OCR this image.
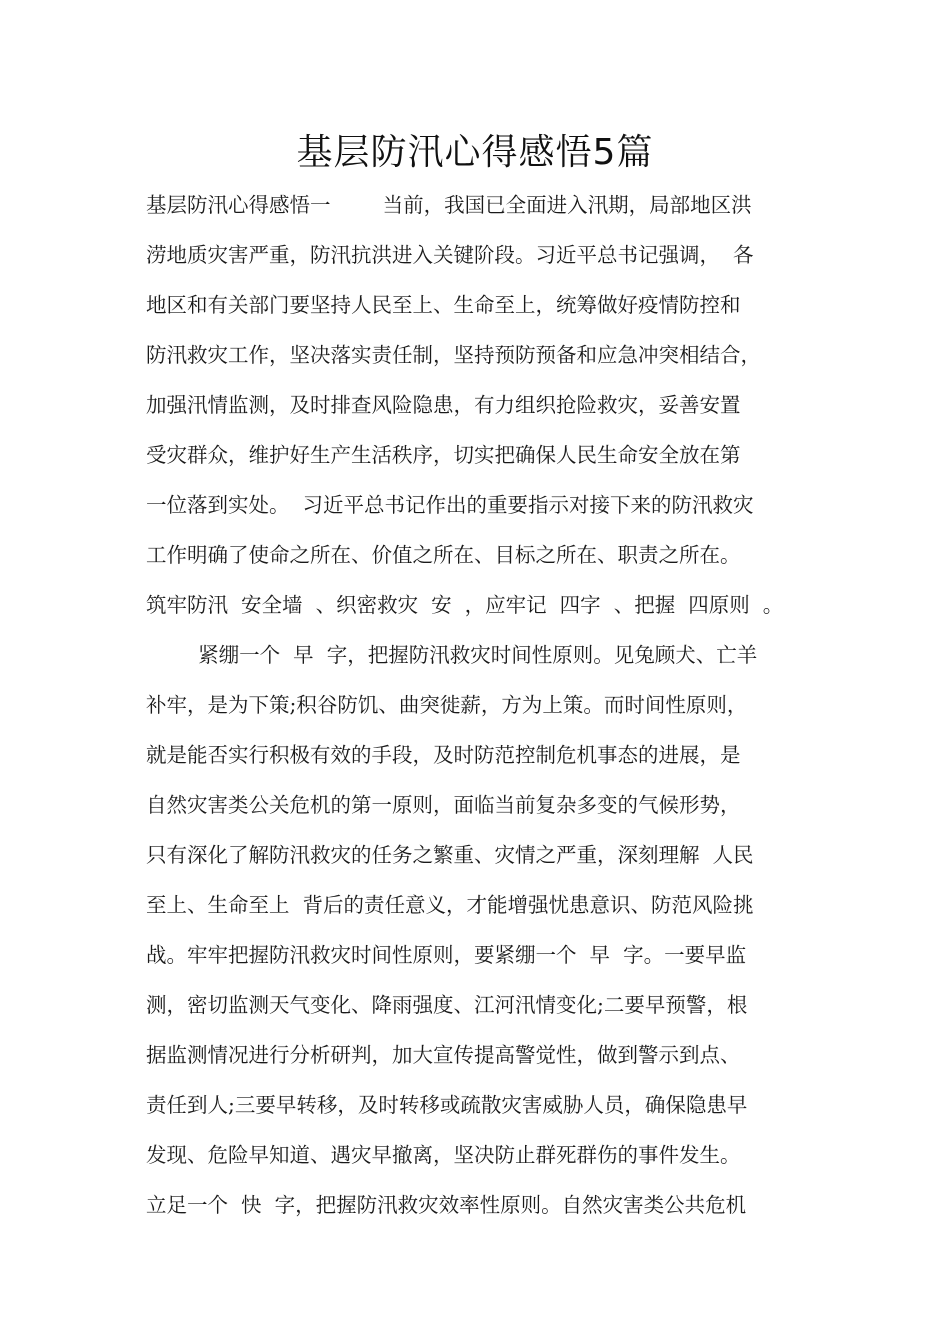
基层防汛心得感悟5篇
基层防汛心得感悟一        当前，我国已全面进入汛期，局部地区洪
涝地质灾害严重，防汛抗洪进入关键阶段。习近平总书记强调，  各
地区和有关部门要坚持人民至上、生命至上，统筹做好疫情防控和
防汛救灾工作，坚决落实责任制，坚持预防预备和应急冲突相结合，
加强汛情监测，及时排查风险隐患，有力组织抢险救灾，妥善安置
受灾群众，维护好生产生活秩序，切实把确保人民生命安全放在第
一位落到实处。  习近平总书记作出的重要指示对接下来的防汛救灾
工作明确了使命之所在、价值之所在、目标之所在、职责之所在。
筑牢防汛  安全墙  、织密救灾  安  ，应牢记  四字  、把握  四原则  。
紧绷一个  早  字，把握防汛救灾时间性原则。见兔顾犬、亡羊
补牢，是为下策;积谷防饥、曲突徙薪，方为上策。而时间性原则，
就是能否实行积极有效的手段，及时防范控制危机事态的进展，是
自然灾害类公关危机的第一原则，面临当前复杂多变的气候形势，
只有深化了解防汛救灾的任务之繁重、灾情之严重，深刻理解  人民
至上、生命至上  背后的责任意义，才能增强忧患意识、防范风险挑
战。牢牢把握防汛救灾时间性原则，要紧绷一个  早  字。一要早监
测，密切监测天气变化、降雨强度、江河汛情变化;二要早预警，根
据监测情况进行分析研判，加大宣传提高警觉性，做到警示到点、
责任到人;三要早转移，及时转移或疏散灾害威胁人员，确保隐患早
发现、危险早知道、遇灾早撤离，坚决防止群死群伤的事件发生。
立足一个  快  字，把握防汛救灾效率性原则。自然灾害类公共危机
